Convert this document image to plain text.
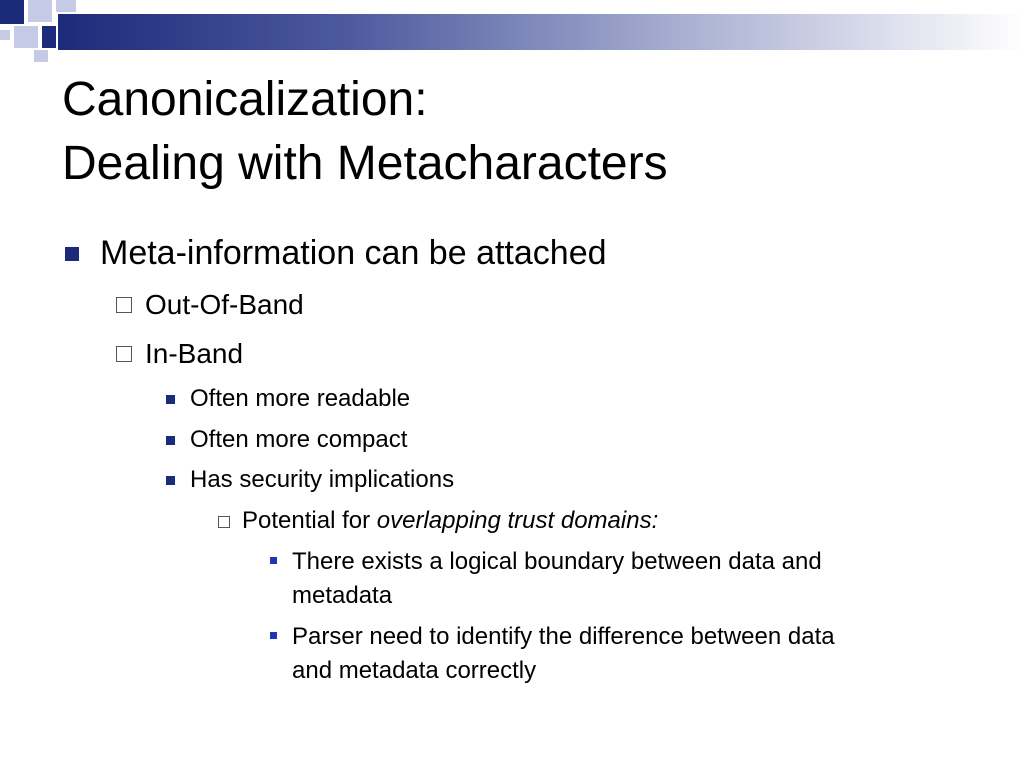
Canonicalization:
Dealing with Metacharacters
Meta-information can be attached
Out-Of-Band
In-Band
Often more readable
Often more compact
Has security implications
Potential for overlapping trust domains:
There exists a logical boundary between data and
metadata
Parser need to identify the difference between data
and metadata correctly
